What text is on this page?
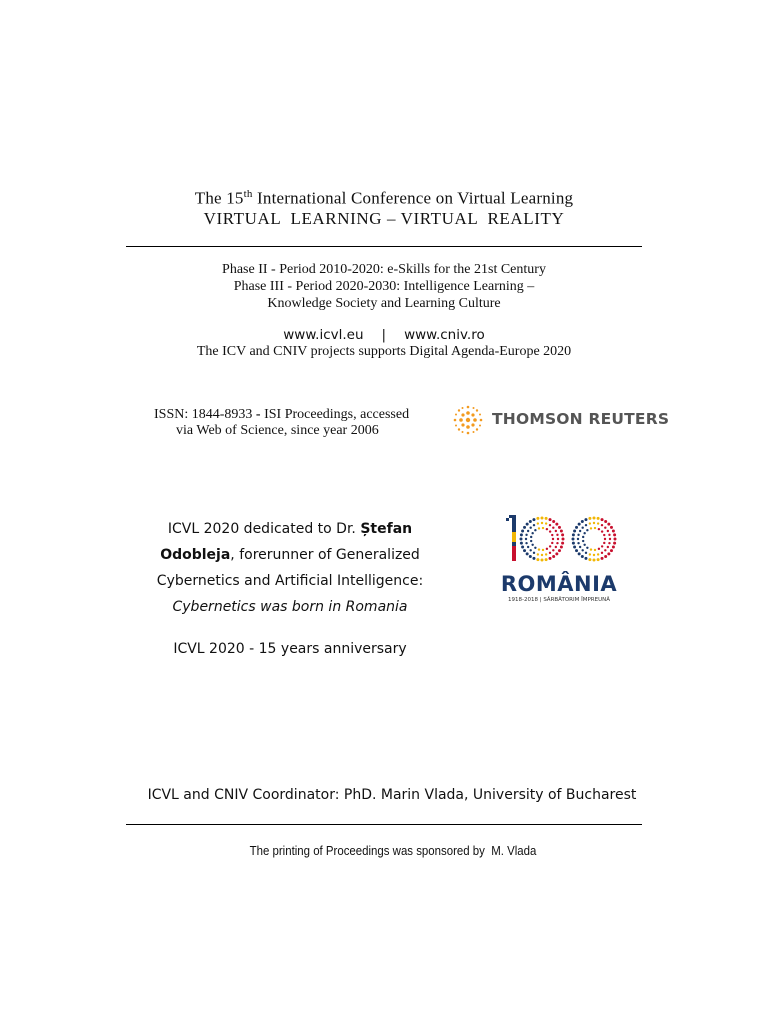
The 15th International Conference on Virtual Learning
VIRTUAL  LEARNING – VIRTUAL  REALITY
Phase II - Period 2010-2020: e-Skills for the 21st Century
Phase III - Period 2020-2030: Intelligence Learning –
Knowledge Society and Learning Culture
www.icvl.eu | www.cniv.ro
The ICV and CNIV projects supports Digital Agenda-Europe 2020
ISSN: 1844-8933 - ISI Proceedings, accessed
via Web of Science, since year 2006
THOMSON REUTERS
ICVL 2020 dedicated to Dr. Ștefan
Odobleja, forerunner of Generalized
Cybernetics and Artificial Intelligence:
Cybernetics was born in Romania
ICVL 2020 - 15 years anniversary
ROMÂNIA
1918-2018 | SĂRBĂTORIM ÎMPREUNĂ
ICVL and CNIV Coordinator: PhD. Marin Vlada, University of Bucharest
The printing of Proceedings was sponsored by  M. Vlada
